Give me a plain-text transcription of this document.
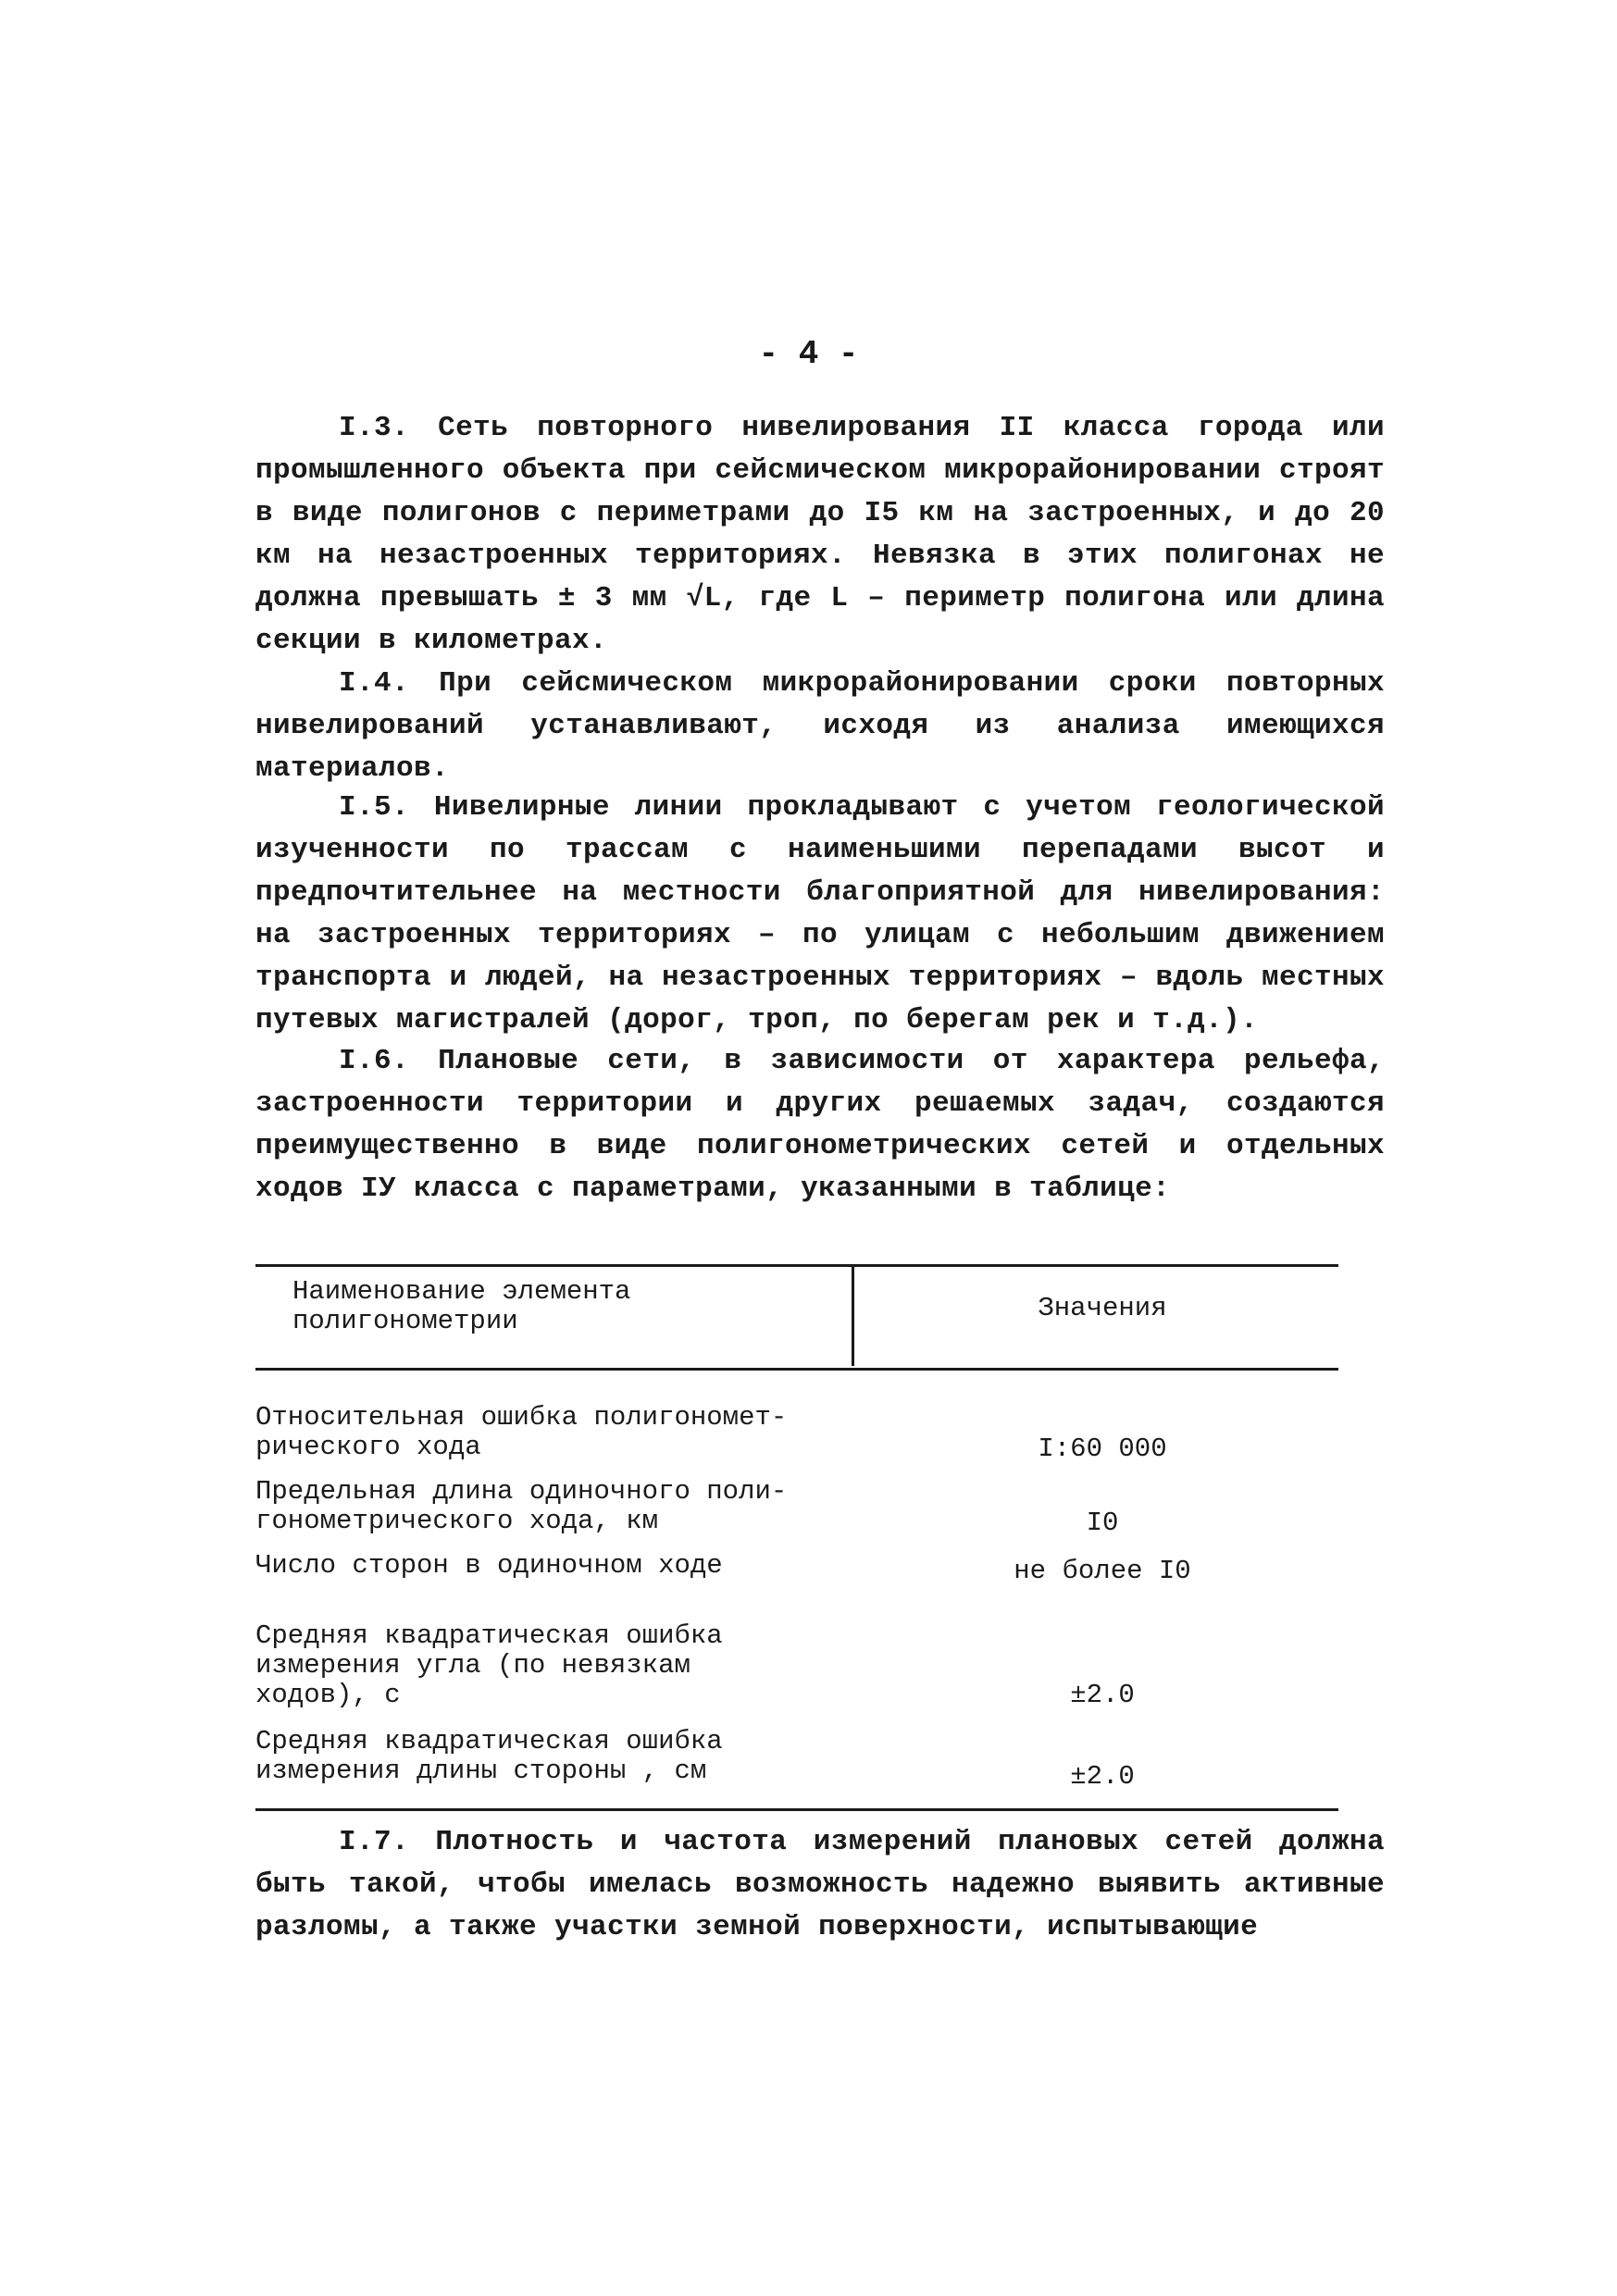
- 4 -

I.3. Сеть повторного нивелирования II класса города или промышленного объекта при сейсмическом микрорайонировании строят в виде полигонов с периметрами до I5 км на застроенных, и до 20 км на незастроенных территориях. Невязка в этих полигонах не должна превышать ± 3 мм √L, где L – периметр полигона или длина секции в километрах.

I.4. При сейсмическом микрорайонировании сроки повторных нивелирований устанавливают, исходя из анализа имеющихся материалов.

I.5. Нивелирные линии прокладывают с учетом геологической изученности по трассам с наименьшими перепадами высот и предпочтительнее на местности благоприятной для нивелирования: на застроенных территориях – по улицам с небольшим движением транспорта и людей, на незастроенных территориях – вдоль местных путевых магистралей (дорог, троп, по берегам рек и т.д.).

I.6. Плановые сети, в зависимости от характера рельефа, застроенности территории и других решаемых задач, создаются преимущественно в виде полигонометрических сетей и отдельных ходов IУ класса с параметрами, указанными в таблице:

Наименование элемента
полигонометрии	Значения
Относительная ошибка полигономет-
рического хода	I:60 000
Предельная длина одиночного поли-
гонометрического хода, км	I0
Число сторон в одиночном ходе	не более I0
Средняя квадратическая ошибка
измерения угла (по невязкам
ходов), с	±2.0
Средняя квадратическая ошибка
измерения длины стороны , см	±2.0

I.7. Плотность и частота измерений плановых сетей должна быть такой, чтобы имелась возможность надежно выявить активные разломы, а также участки земной поверхности, испытывающие
